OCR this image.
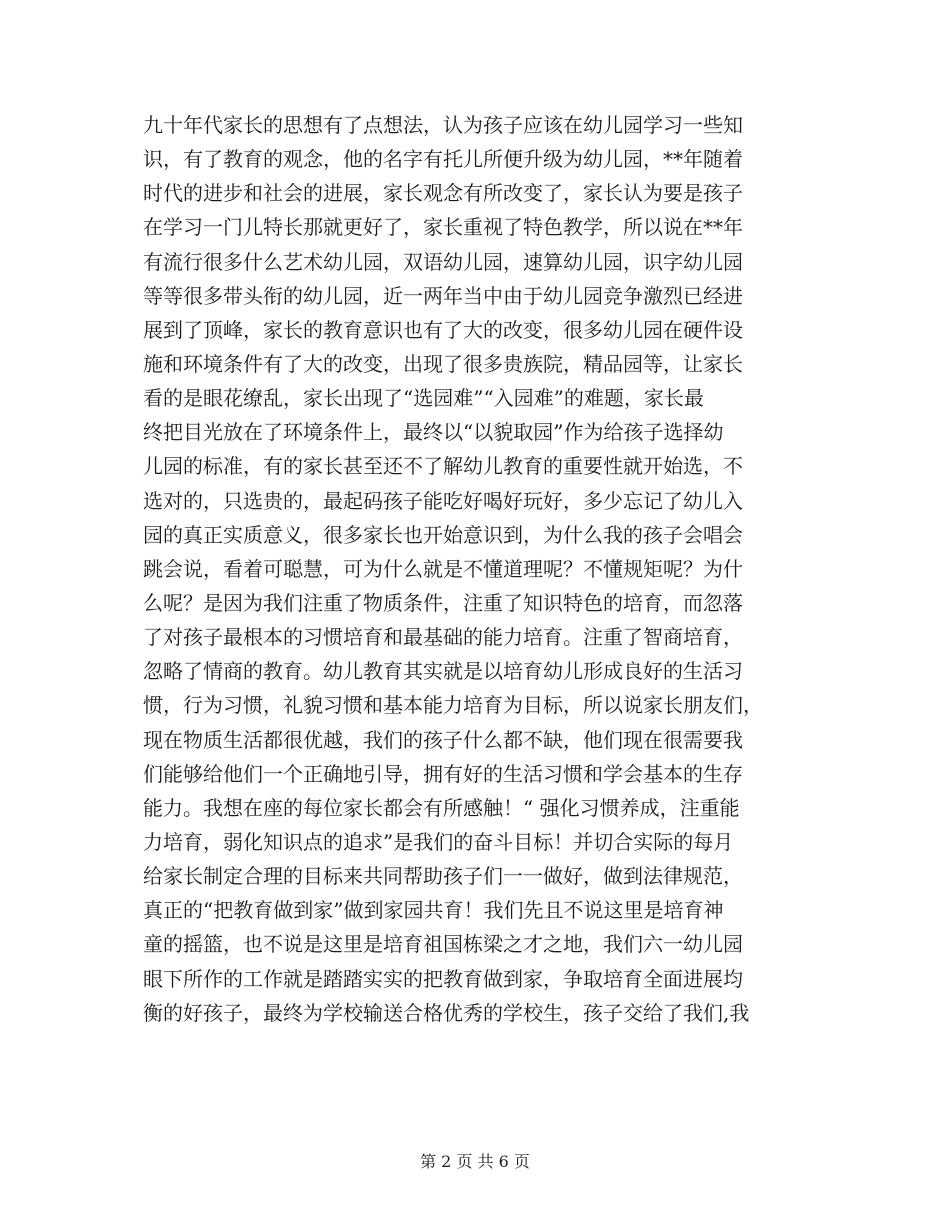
九十年代家长的思想有了点想法，认为孩子应该在幼儿园学习一些知
识，有了教育的观念，他的名字有托儿所便升级为幼儿园，**年随着
时代的进步和社会的进展，家长观念有所改变了，家长认为要是孩子
在学习一门儿特长那就更好了，家长重视了特色教学，所以说在**年
有流行很多什么艺术幼儿园，双语幼儿园，速算幼儿园，识字幼儿园
等等很多带头衔的幼儿园，近一两年当中由于幼儿园竞争激烈已经进
展到了顶峰，家长的教育意识也有了大的改变，很多幼儿园在硬件设
施和环境条件有了大的改变，出现了很多贵族院，精品园等，让家长
看的是眼花缭乱，家长出现了“选园难”“入园难”的难题，家长最
终把目光放在了环境条件上，最终以“以貌取园”作为给孩子选择幼
儿园的标准，有的家长甚至还不了解幼儿教育的重要性就开始选，不
选对的，只选贵的，最起码孩子能吃好喝好玩好，多少忘记了幼儿入
园的真正实质意义，很多家长也开始意识到，为什么我的孩子会唱会
跳会说，看着可聪慧，可为什么就是不懂道理呢？不懂规矩呢？为什
么呢？是因为我们注重了物质条件，注重了知识特色的培育，而忽落
了对孩子最根本的习惯培育和最基础的能力培育。注重了智商培育，
忽略了情商的教育。幼儿教育其实就是以培育幼儿形成良好的生活习
惯，行为习惯，礼貌习惯和基本能力培育为目标，所以说家长朋友们，
现在物质生活都很优越，我们的孩子什么都不缺，他们现在很需要我
们能够给他们一个正确地引导，拥有好的生活习惯和学会基本的生存
能力。我想在座的每位家长都会有所感触！“ 强化习惯养成，注重能
力培育，弱化知识点的追求”是我们的奋斗目标！并切合实际的每月
给家长制定合理的目标来共同帮助孩子们一一做好，做到法律规范，
真正的“把教育做到家”做到家园共育！我们先且不说这里是培育神
童的摇篮，也不说是这里是培育祖国栋梁之才之地，我们六一幼儿园
眼下所作的工作就是踏踏实实的把教育做到家，争取培育全面进展均
衡的好孩子，最终为学校输送合格优秀的学校生，孩子交给了我们,我
第 2 页 共 6 页
